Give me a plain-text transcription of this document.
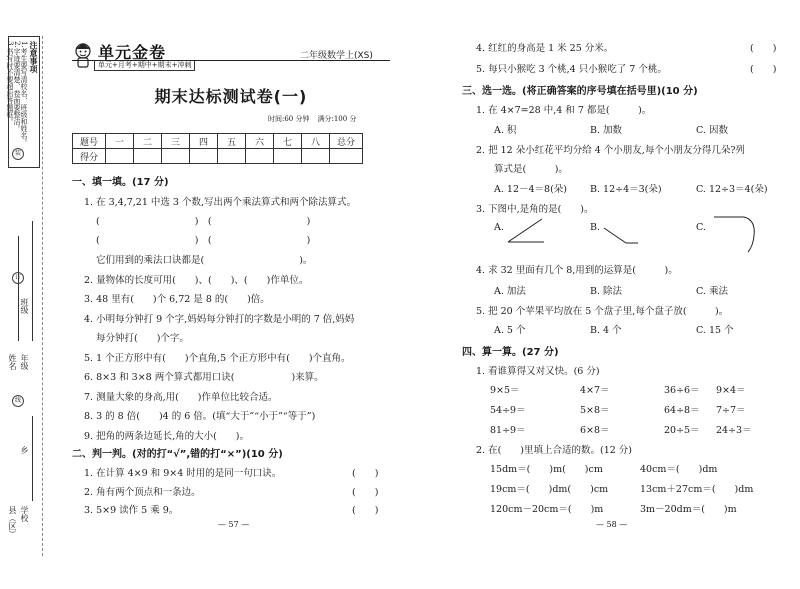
注意事项
1.考生要写清校名、班级和姓名。
2.字迹要清楚、卷面要整洁。
3.书写时不要超出答题框。
班级
年级
姓名
乡
县（区） 学校
装
订
线
单元金卷
单元+月考+期中+期末+冲刺
二年级数学上(XS)
期末达标测试卷(一)
时间:60 分钟 满分:100 分
题号	一	二	三	四	五	六	七	八	总分
得分									
一、填一填。(17 分)
1. 在 3,4,7,21 中选 3 个数,写出两个乘法算式和两个除法算式。
(　　　　　　　　　　)　(　　　　　　　　　　)
(　　　　　　　　　　)　(　　　　　　　　　　)
它们用到的乘法口诀都是(　　　　　　　　　　)。
2. 量物体的长度可用(　　)、(　　)、(　　)作单位。
3. 48 里有(　　)个 6,72 是 8 的(　　)倍。
4. 小明每分钟打 9 个字,妈妈每分钟打的字数是小明的 7 倍,妈妈
每分钟打(　　)个字。
5. 1 个正方形中有(　　)个直角,5 个正方形中有(　　)个直角。
6. 8×3 和 3×8 两个算式都用口诀(　　　　　　)来算。
7. 测量大象的身高,用(　　)作单位比较合适。
8. 3 的 8 倍(　　)4 的 6 倍。(填“大于”“小于”“等于”)
9. 把角的两条边延长,角的大小(　　)。
二、判一判。(对的打“√”,错的打“×”)(10 分)
1. 在计算 4×9 和 9×4 时用的是同一句口诀。	(　　)
2. 角有两个顶点和一条边。	(　　)
3. 5×9 读作 5 乘 9。	(　　)
— 57 —
4. 红红的身高是 1 米 25 分米。	(　　)
5. 每只小猴吃 3 个桃,4 只小猴吃了 7 个桃。	(　　)
三、选一选。(将正确答案的序号填在括号里)(10 分)
1. 在 4×7=28 中,4 和 7 都是(　　　)。
A. 积	B. 加数	C. 因数
2. 把 12 朵小红花平均分给 4 个小朋友,每个小朋友分得几朵?列
算式是(　　　)。
A. 12－4＝8(朵) B. 12÷4＝3(朵)	C. 12÷3＝4(朵)
3. 下图中,是角的是(　　)。
A.	B.	C.
4. 求 32 里面有几个 8,用到的运算是(　　　)。
A. 加法	B. 除法	C. 乘法
5. 把 20 个苹果平均放在 5 个盘子里,每个盘子放(　　　)。
A. 5 个	B. 4 个	C. 15 个
四、算一算。(27 分)
1. 看谁算得又对又快。(6 分)
9×5＝	4×7＝	36÷6＝ 9×4＝
54÷9＝	5×8＝	64÷8＝ 7÷7＝
81÷9＝	6×8＝	20÷5＝ 24÷3＝
2. 在(　　)里填上合适的数。(12 分)
15dm＝(　　)m(　　)cm	40cm＝(　　)dm
19cm＝(　　)dm(　　)cm	13cm＋27cm＝(　　)dm
120cm－20cm＝(　　)m	3m－20dm＝(　　)m
— 58 —
